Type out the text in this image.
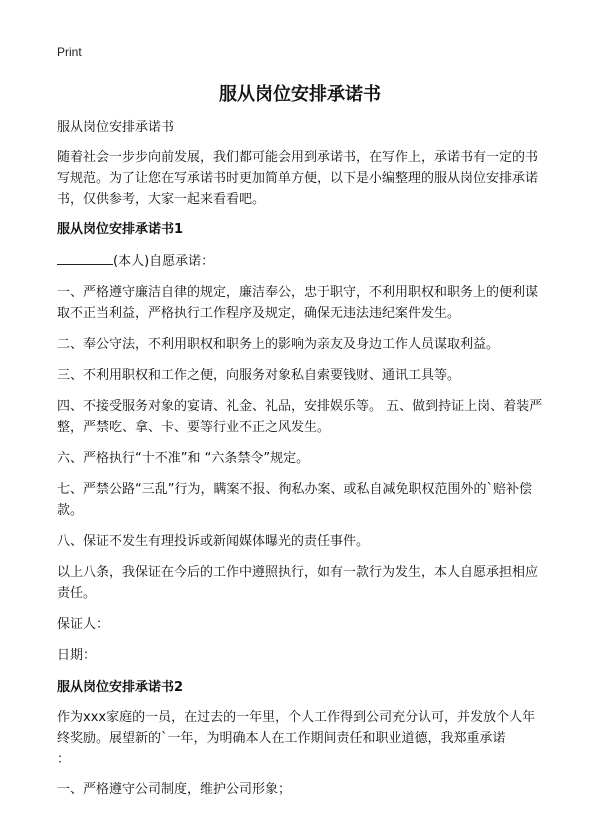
Print
服从岗位安排承诺书

服从岗位安排承诺书

随着社会一步步向前发展，我们都可能会用到承诺书，在写作上，承诺书有一定的书写规范。为了让您在写承诺书时更加简单方便，以下是小编整理的服从岗位安排承诺书，仅供参考，大家一起来看看吧。

服从岗位安排承诺书1

(本人)自愿承诺：

一、严格遵守廉洁自律的规定，廉洁奉公，忠于职守，不利用职权和职务上的便利谋取不正当利益，严格执行工作程序及规定，确保无违法违纪案件发生。

二、奉公守法，不利用职权和职务上的影响为亲友及身边工作人员谋取利益。

三、不利用职权和工作之便，向服务对象私自索要钱财、通讯工具等。

四、不接受服务对象的宴请、礼金、礼品，安排娱乐等。 五、做到持证上岗、着装严整，严禁吃、拿、卡、要等行业不正之风发生。

六、严格执行“十不准”和 “六条禁令”规定。

七、严禁公路“三乱”行为，瞒案不报、徇私办案、或私自减免职权范围外的`赔补偿款。

八、保证不发生有理投诉或新闻媒体曝光的责任事件。

以上八条，我保证在今后的工作中遵照执行，如有一款行为发生，本人自愿承担相应责任。

保证人：

日期：

服从岗位安排承诺书2

作为xxx家庭的一员，在过去的一年里，个人工作得到公司充分认可，并发放个人年终奖励。展望新的`一年，为明确本人在工作期间责任和职业道德，我郑重承诺

：

一、严格遵守公司制度，维护公司形象；
